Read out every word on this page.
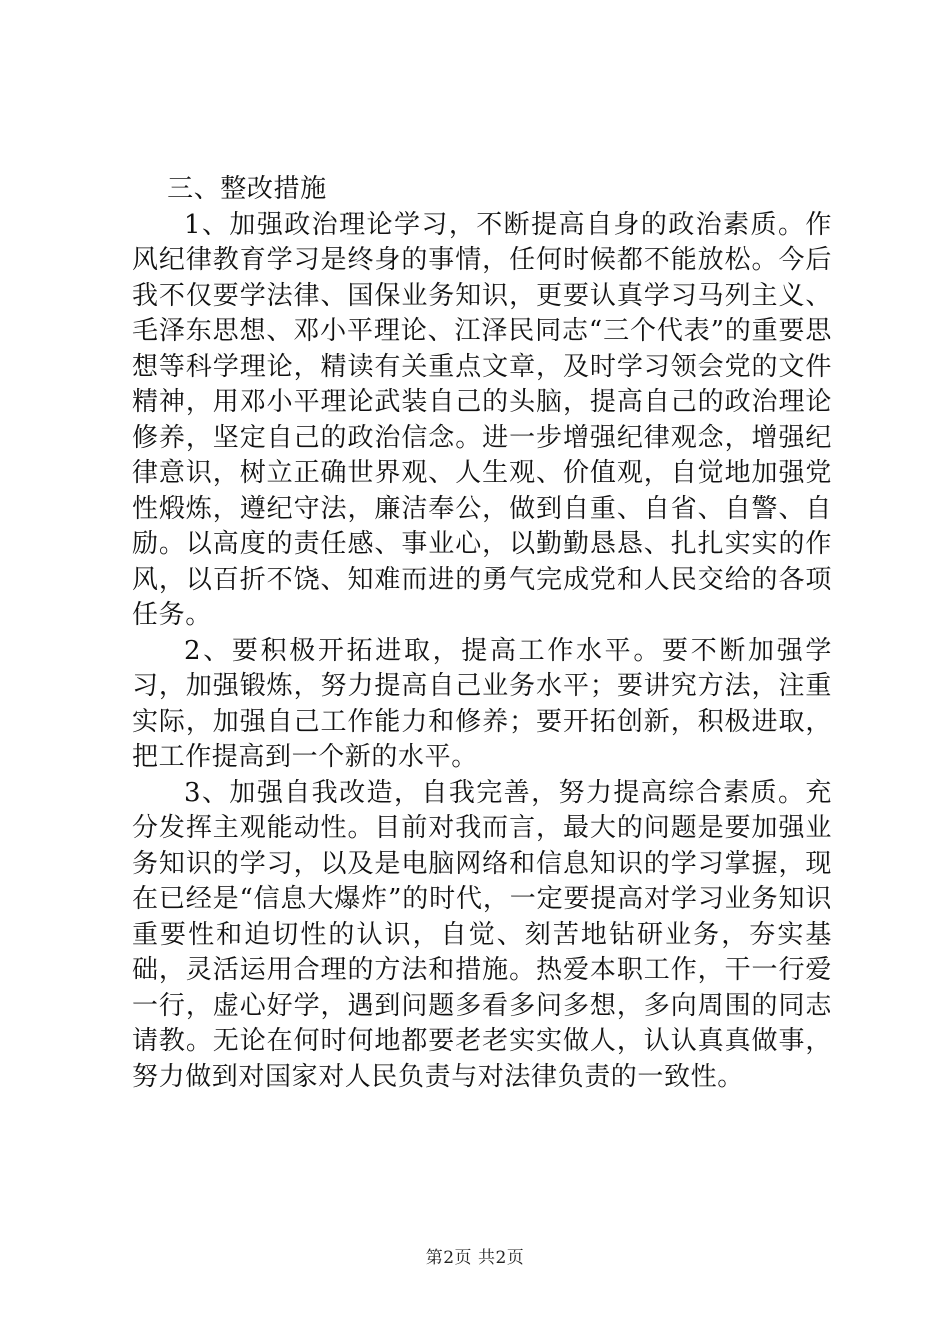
三、整改措施

1、加强政治理论学习，不断提高自身的政治素质。作风纪律教育学习是终身的事情，任何时候都不能放松。今后我不仅要学法律、国保业务知识，更要认真学习马列主义、毛泽东思想、邓小平理论、江泽民同志“三个代表”的重要思想等科学理论，精读有关重点文章，及时学习领会党的文件精神，用邓小平理论武装自己的头脑，提高自己的政治理论修养，坚定自己的政治信念。进一步增强纪律观念，增强纪律意识，树立正确世界观、人生观、价值观，自觉地加强党性煅炼，遵纪守法，廉洁奉公，做到自重、自省、自警、自励。以高度的责任感、事业心，以勤勤恳恳、扎扎实实的作风，以百折不饶、知难而进的勇气完成党和人民交给的各项任务。

2、要积极开拓进取，提高工作水平。要不断加强学习，加强锻炼，努力提高自己业务水平；要讲究方法，注重实际，加强自己工作能力和修养；要开拓创新，积极进取，把工作提高到一个新的水平。

3、加强自我改造，自我完善，努力提高综合素质。充分发挥主观能动性。目前对我而言，最大的问题是要加强业务知识的学习，以及是电脑网络和信息知识的学习掌握，现在已经是“信息大爆炸”的时代，一定要提高对学习业务知识重要性和迫切性的认识，自觉、刻苦地钻研业务，夯实基础，灵活运用合理的方法和措施。热爱本职工作，干一行爱一行，虚心好学，遇到问题多看多问多想，多向周围的同志请教。无论在何时何地都要老老实实做人，认认真真做事，努力做到对国家对人民负责与对法律负责的一致性。

第2页 共2页
